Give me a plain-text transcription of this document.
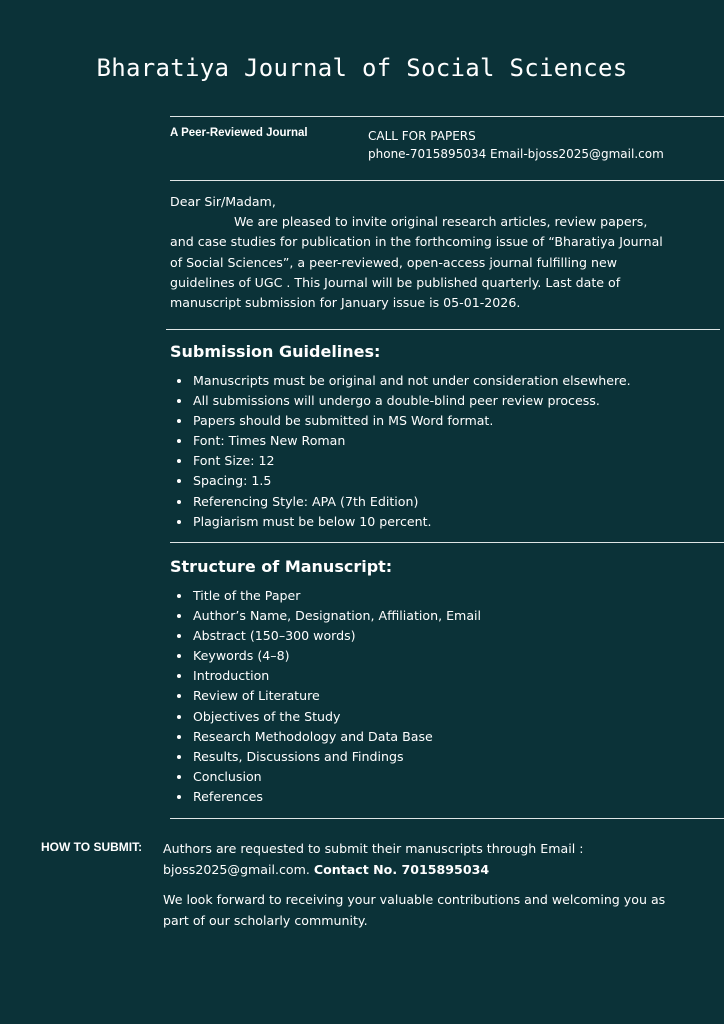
Bharatiya Journal of Social Sciences
A Peer-Reviewed Journal	CALL FOR PAPERS
phone-7015895034 Email-bjoss2025@gmail.com

Dear Sir/Madam,

We are pleased to invite original research articles, review papers,

and case studies for publication in the forthcoming issue of “Bharatiya Journal of Social Sciences”, a peer-reviewed, open-access journal fulfilling new guidelines of UGC . This Journal will be published quarterly. Last date of manuscript submission for January issue is 05-01-2026.

Submission Guidelines:
• Manuscripts must be original and not under consideration elsewhere.
• All submissions will undergo a double-blind peer review process.
• Papers should be submitted in MS Word format.
• Font: Times New Roman
• Font Size: 12
• Spacing: 1.5
• Referencing Style: APA (7th Edition)
• Plagiarism must be below 10 percent.
Structure of Manuscript:
• Title of the Paper
• Author’s Name, Designation, Affiliation, Email
• Abstract (150–300 words)
• Keywords (4–8)
• Introduction
• Review of Literature
• Objectives of the Study
• Research Methodology and Data Base
• Results, Discussions and Findings
• Conclusion
• References
HOW TO SUBMIT: Authors are requested to submit their manuscripts through Email :
bjoss2025@gmail.com. Contact No. 7015895034

We look forward to receiving your valuable contributions and welcoming you as part of our scholarly community.
